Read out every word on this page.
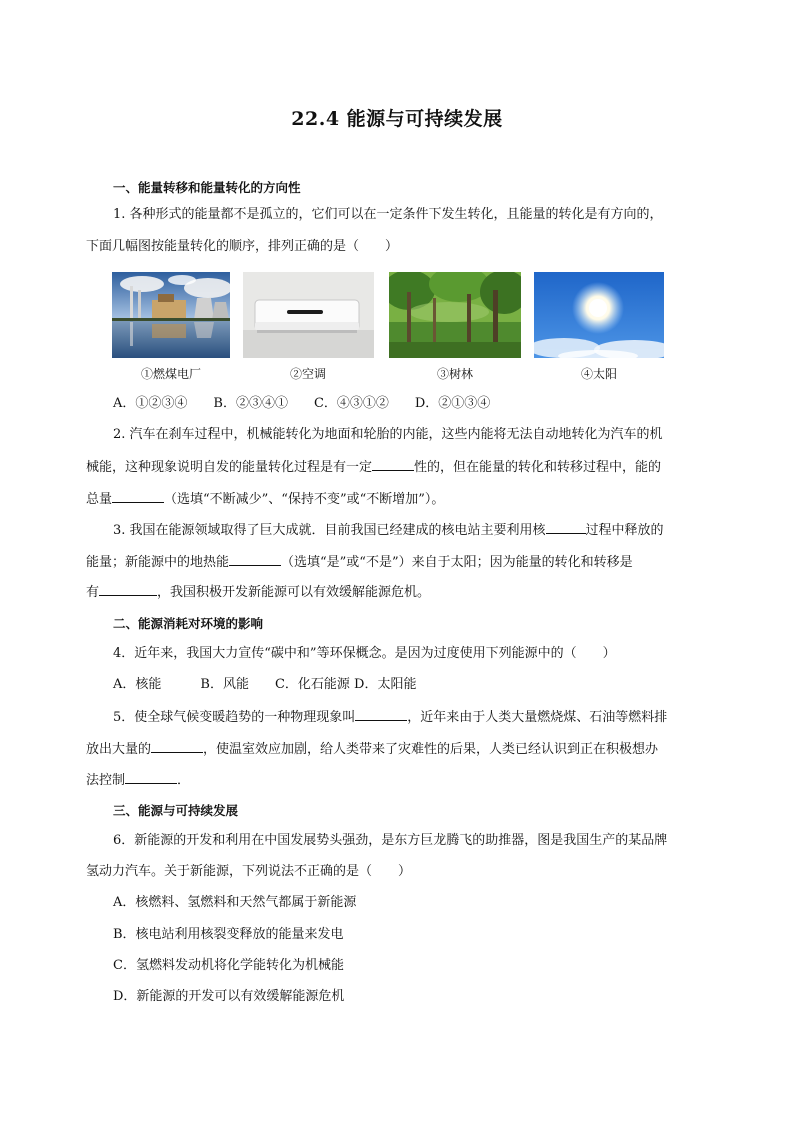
22.4 能源与可持续发展
一、能量转移和能量转化的方向性
1. 各种形式的能量都不是孤立的，它们可以在一定条件下发生转化，且能量的转化是有方向的，
下面几幅图按能量转化的顺序，排列正确的是（　　）
①燃煤电厂	②空调	③树林	④太阳
A．①②③④　　B．②③④①　　C．④③①②　　D．②①③④
2. 汽车在刹车过程中，机械能转化为地面和轮胎的内能，这些内能将无法自动地转化为汽车的机
械能，这种现象说明自发的能量转化过程是有一定	性的，但在能量的转化和转移过程中，能的
总量	（选填“不断减少”、“保持不变”或“不断增加”）。
3. 我国在能源领域取得了巨大成就．目前我国已经建成的核电站主要利用核	过程中释放的
能量；新能源中的地热能	（选填“是”或“不是”）来自于太阳；因为能量的转化和转移是
有	，我国积极开发新能源可以有效缓解能源危机。
二、能源消耗对环境的影响
4．近年来，我国大力宣传“碳中和”等环保概念。是因为过度使用下列能源中的（　　）
A．核能　　　B．风能　　C．化石能源 D．太阳能
5．使全球气候变暖趋势的一种物理现象叫	，近年来由于人类大量燃烧煤、石油等燃料排
放出大量的	，使温室效应加剧，给人类带来了灾难性的后果，人类已经认识到正在积极想办
法控制	．
三、能源与可持续发展
6．新能源的开发和利用在中国发展势头强劲，是东方巨龙腾飞的助推器，图是我国生产的某品牌
氢动力汽车。关于新能源，下列说法不正确的是（　　）
A．核燃料、氢燃料和天然气都属于新能源
B．核电站利用核裂变释放的能量来发电
C．氢燃料发动机将化学能转化为机械能
D．新能源的开发可以有效缓解能源危机
